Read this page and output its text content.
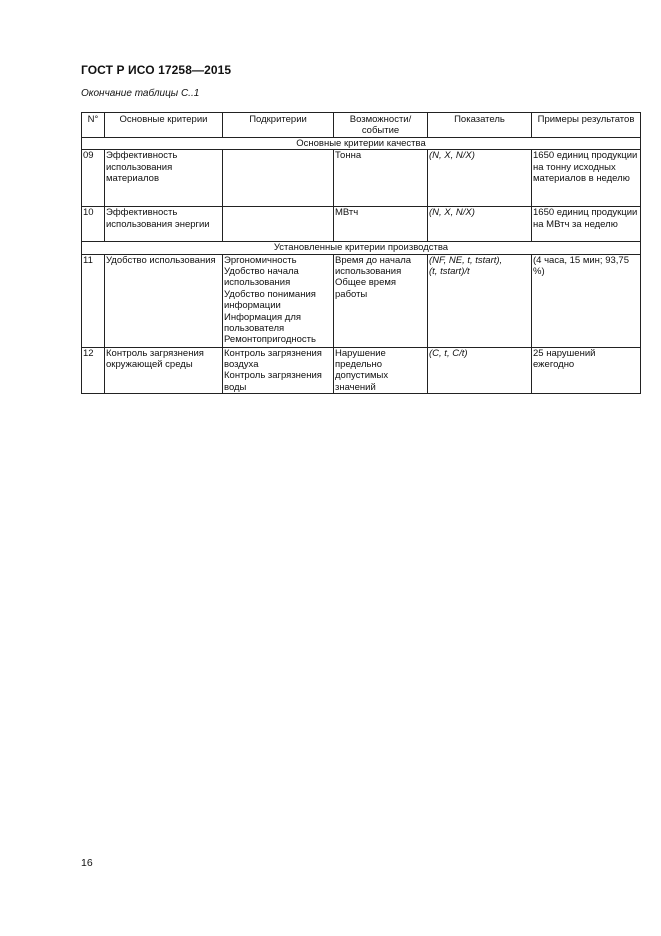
ГОСТ Р ИСО 17258—2015
Окончание таблицы С..1
N°	Основные критерии	Подкритерии	Возможности/ событие	Показатель	Примеры результатов
Основные критерии качества					
09	Эффективность использования материалов		Тонна	(N, X, N/X)	1650 единиц продукции на тонну исходных материалов в неделю
10	Эффективность использования энергии		МВтч	(N, X, N/X)	1650 единиц продукции на МВтч за неделю
Установленные критерии производства					
11	Удобство использования	Эргономичность
Удобство начала использования
Удобство понимания информации
Информация для пользователя
Ремонтопригодность	Время до начала использования Общее время работы	(NF, NE, t, tstart),
(t, tstart)/t	(4 часа, 15 мин; 93,75 %)
12	Контроль загрязнения окружающей среды	Контроль загрязнения воздуха
Контроль загрязнения воды	Нарушение предельно допустимых значений	(C, t, C/t)	25 нарушений ежегодно
16
